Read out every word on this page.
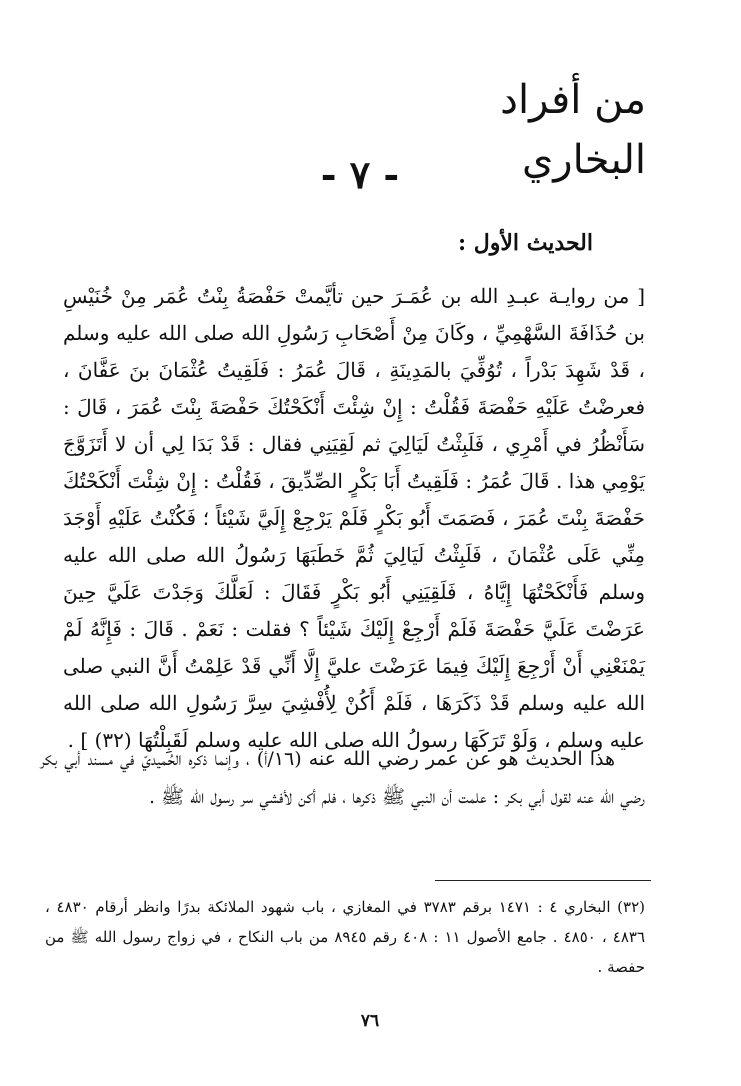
من أفراد البخاري
- ٧ -
الحديث الأول :

[ من روايـة عبـدِ الله بن عُمَـرَ حين تأيَّمتْ حَفْصَةُ بِنْتُ عُمَر مِنْ خُنَيْسِ بن حُذَافَةَ السَّهْمِيِّ ، وكَانَ مِنْ أَصْحَابِ رَسُولِ الله صلى الله عليه وسلم ، قَدْ شَهِدَ بَدْراً ، تُوُفِّيَ بالمَدِينَةِ ، قَالَ عُمَرُ : فَلَقِيتُ عُثْمَانَ بنَ عَفَّانَ ، فعرضْتُ عَلَيْهِ حَفْصَةَ فَقُلْتُ : إِنْ شِئْتَ أَنْكَحْتُكَ حَفْصَةَ بِنْتَ عُمَرَ ، قَالَ : سَأَنْظُرُ في أَمْرِي ، فَلَبِثْتُ لَيَالِيَ ثم لَقِيَنِي فقال : قَدْ بَدَا لِي أن لا أَتَزَوَّجَ يَوْمِي هذا . قَالَ عُمَرُ : فَلَقِيتُ أَبَا بَكْرٍ الصِّدِّيقَ ، فَقُلْتُ : إِنْ شِئْتَ أَنْكَحْتُكَ حَفْصَةَ بِنْتَ عُمَرَ ، فَصَمَتَ أَبُو بَكْرٍ فَلَمْ يَرْجِعْ إِلَيَّ شَيْئاً ؛ فَكُنْتُ عَلَيْهِ أَوْجَدَ مِنِّي عَلَى عُثْمَانَ ، فَلَبِثْتُ لَيَالِيَ ثُمَّ خَطَبَهَا رَسُولُ الله صلى الله عليه وسلم فَأَنْكَحْتُهَا إِيَّاهُ ، فَلَقِيَنِي أَبُو بَكْرٍ فَقَالَ : لَعَلَّكَ وَجَدْتَ عَلَيَّ حِينَ عَرَضْتَ عَلَيَّ حَفْصَةَ فَلَمْ أَرْجِعْ إِلَيْكَ شَيْئاً ؟ فقلت : نَعَمْ . قَالَ : فَإِنَّهُ لَمْ يَمْنَعْنِي أَنْ أَرْجِعَ إِلَيْكَ فِيمَا عَرَضْتَ عليَّ إِلَّا أَنِّي قَدْ عَلِمْتُ أَنَّ النبي صلى الله عليه وسلم قَدْ ذَكَرَهَا ، فَلَمْ أَكُنْ لِأُفْشِيَ سِرَّ رَسُولِ الله صلى الله عليه وسلم ، وَلَوْ تَرَكَهَا رسولُ الله صلى الله عليه وسلم لَقَبِلْتُهَا (٣٢) ] .

هذا الحديث هو عن عمر رضي الله عنه (١٦/أ) ، وإنما ذكره الحُميديّ في مسند أبي بكر رضي الله عنه لقول أبي بكر : علمت أن النبي ﷺ ذكرها ، فلم أكن لأفشي سر رسول الله ﷺ .

(٣٢) البخاري ٤ : ١٤٧١ برقم ٣٧٨٣ في المغازي ، باب شهود الملائكة بدرًا وانظر أرقام ٤٨٣٠ ، ٤٨٣٦ ، ٤٨٥٠ . جامع الأصول ١١ : ٤٠٨ رقم ٨٩٤٥ من باب النكاح ، في زواج رسول الله ﷺ من حفصة .

٧٦
